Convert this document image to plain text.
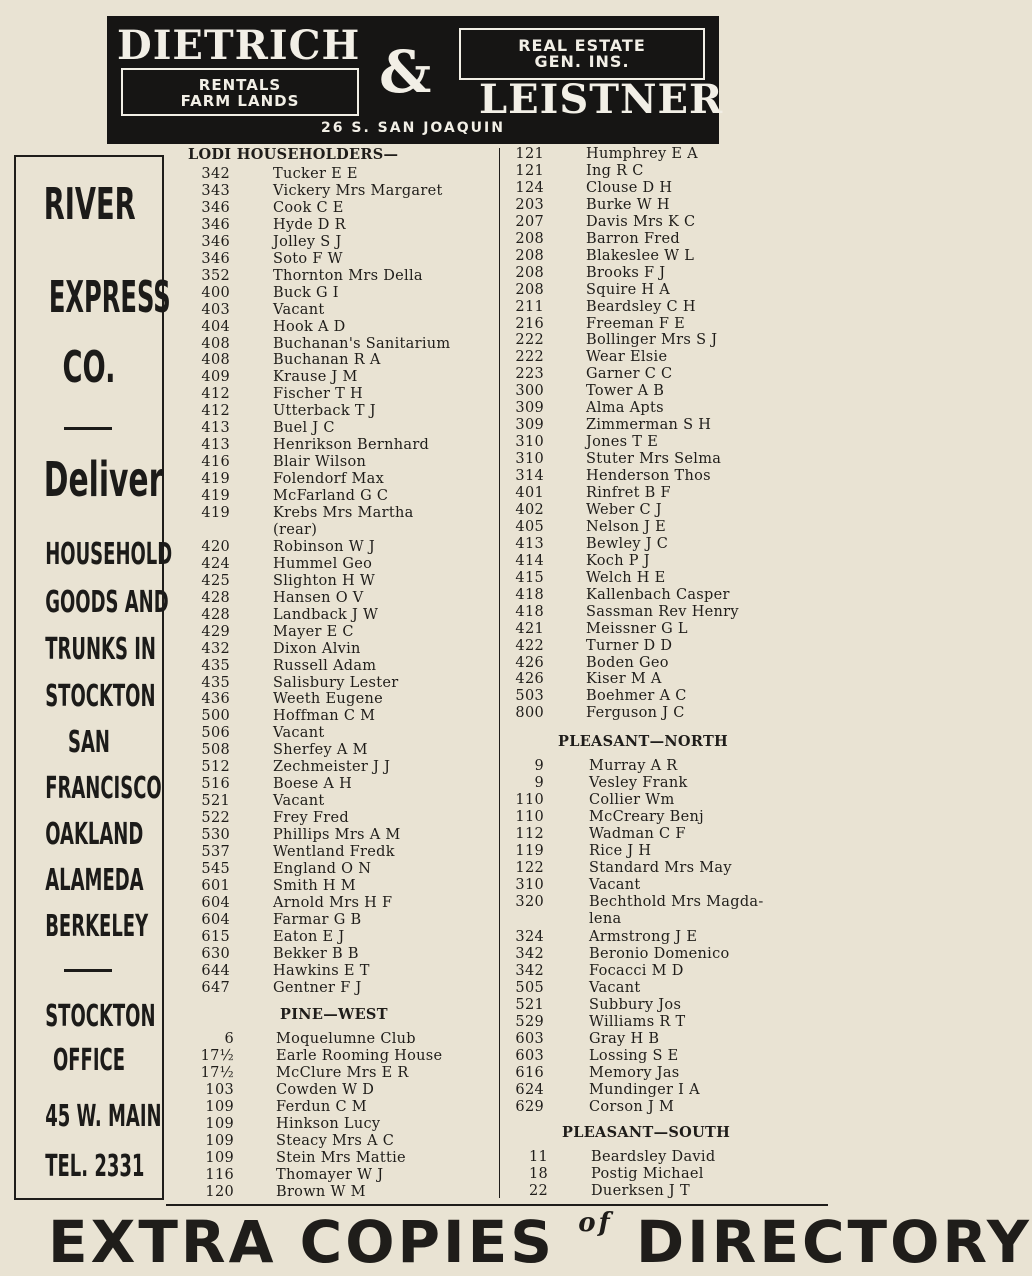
DIETRICH
RENTALS
FARM LANDS	&	REAL ESTATE
GEN. INS.
LEISTNER
26 S. SAN JOAQUIN
RIVER
EXPRESS
CO.
Deliver
HOUSEHOLD
GOODS AND
TRUNKS IN
STOCKTON
SAN
FRANCISCO
OAKLAND
ALAMEDA
BERKELEY
STOCKTON
OFFICE
45 W. MAIN
TEL. 2331
LODI HOUSEHOLDERS—
342	Tucker E E
343	Vickery Mrs Margaret
346	Cook C E
346	Hyde D R
346	Jolley S J
346	Soto F W
352	Thornton Mrs Della
400	Buck G I
403	Vacant
404	Hook A D
408	Buchanan's Sanitarium
408	Buchanan R A
409	Krause J M
412	Fischer T H
412	Utterback T J
413	Buel J C
413	Henrikson Bernhard
416	Blair Wilson
419	Folendorf Max
419	McFarland G C
419	Krebs Mrs Martha
(rear)
420	Robinson W J
424	Hummel Geo
425	Slighton H W
428	Hansen O V
428	Landback J W
429	Mayer E C
432	Dixon Alvin
435	Russell Adam
435	Salisbury Lester
436	Weeth Eugene
500	Hoffman C M
506	Vacant
508	Sherfey A M
512	Zechmeister J J
516	Boese A H
521	Vacant
522	Frey Fred
530	Phillips Mrs A M
537	Wentland Fredk
545	England O N
601	Smith H M
604	Arnold Mrs H F
604	Farmar G B
615	Eaton E J
630	Bekker B B
644	Hawkins E T
647	Gentner F J
PINE—WEST
6	Moquelumne Club
17½	Earle Rooming House
17½	McClure Mrs E R
103	Cowden W D
109	Ferdun C M
109	Hinkson Lucy
109	Steacy Mrs A C
109	Stein Mrs Mattie
116	Thomayer W J
120	Brown W M
121	Humphrey E A
121	Ing R C
124	Clouse D H
203	Burke W H
207	Davis Mrs K C
208	Barron Fred
208	Blakeslee W L
208	Brooks F J
208	Squire H A
211	Beardsley C H
216	Freeman F E
222	Bollinger Mrs S J
222	Wear Elsie
223	Garner C C
300	Tower A B
309	Alma Apts
309	Zimmerman S H
310	Jones T E
310	Stuter Mrs Selma
314	Henderson Thos
401	Rinfret B F
402	Weber C J
405	Nelson J E
413	Bewley J C
414	Koch P J
415	Welch H E
418	Kallenbach Casper
418	Sassman Rev Henry
421	Meissner G L
422	Turner D D
426	Boden Geo
426	Kiser M A
503	Boehmer A C
800	Ferguson J C
PLEASANT—NORTH
9	Murray A R
9	Vesley Frank
110	Collier Wm
110	McCreary Benj
112	Wadman C F
119	Rice J H
122	Standard Mrs May
310	Vacant
320	Bechthold Mrs Magda-
lena
324	Armstrong J E
342	Beronio Domenico
342	Focacci M D
505	Vacant
521	Subbury Jos
529	Williams R T
603	Gray H B
603	Lossing S E
616	Memory Jas
624	Mundinger I A
629	Corson J M
PLEASANT—SOUTH
11	Beardsley David
18	Postig Michael
22	Duerksen J T
EXTRA COPIES $^{of}$ DIRECTORY
